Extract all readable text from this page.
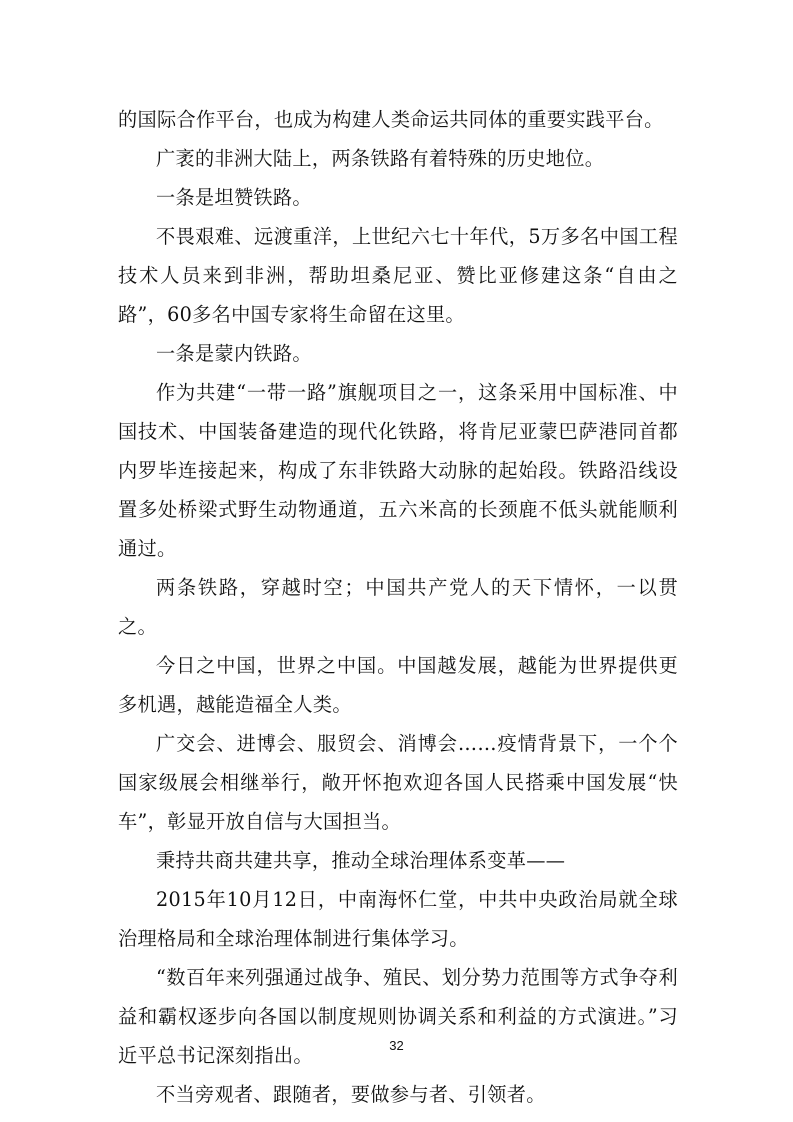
的国际合作平台，也成为构建人类命运共同体的重要实践平台。

广袤的非洲大陆上，两条铁路有着特殊的历史地位。

一条是坦赞铁路。

不畏艰难、远渡重洋，上世纪六七十年代，5万多名中国工程技术人员来到非洲，帮助坦桑尼亚、赞比亚修建这条“自由之路”，60多名中国专家将生命留在这里。

一条是蒙内铁路。

作为共建“一带一路”旗舰项目之一，这条采用中国标准、中国技术、中国装备建造的现代化铁路，将肯尼亚蒙巴萨港同首都内罗毕连接起来，构成了东非铁路大动脉的起始段。铁路沿线设置多处桥梁式野生动物通道，五六米高的长颈鹿不低头就能顺利通过。

两条铁路，穿越时空；中国共产党人的天下情怀，一以贯之。

今日之中国，世界之中国。中国越发展，越能为世界提供更多机遇，越能造福全人类。

广交会、进博会、服贸会、消博会……疫情背景下，一个个国家级展会相继举行，敞开怀抱欢迎各国人民搭乘中国发展“快车”，彰显开放自信与大国担当。

秉持共商共建共享，推动全球治理体系变革——

2015年10月12日，中南海怀仁堂，中共中央政治局就全球治理格局和全球治理体制进行集体学习。

“数百年来列强通过战争、殖民、划分势力范围等方式争夺利益和霸权逐步向各国以制度规则协调关系和利益的方式演进。”习近平总书记深刻指出。

不当旁观者、跟随者，要做参与者、引领者。

32
